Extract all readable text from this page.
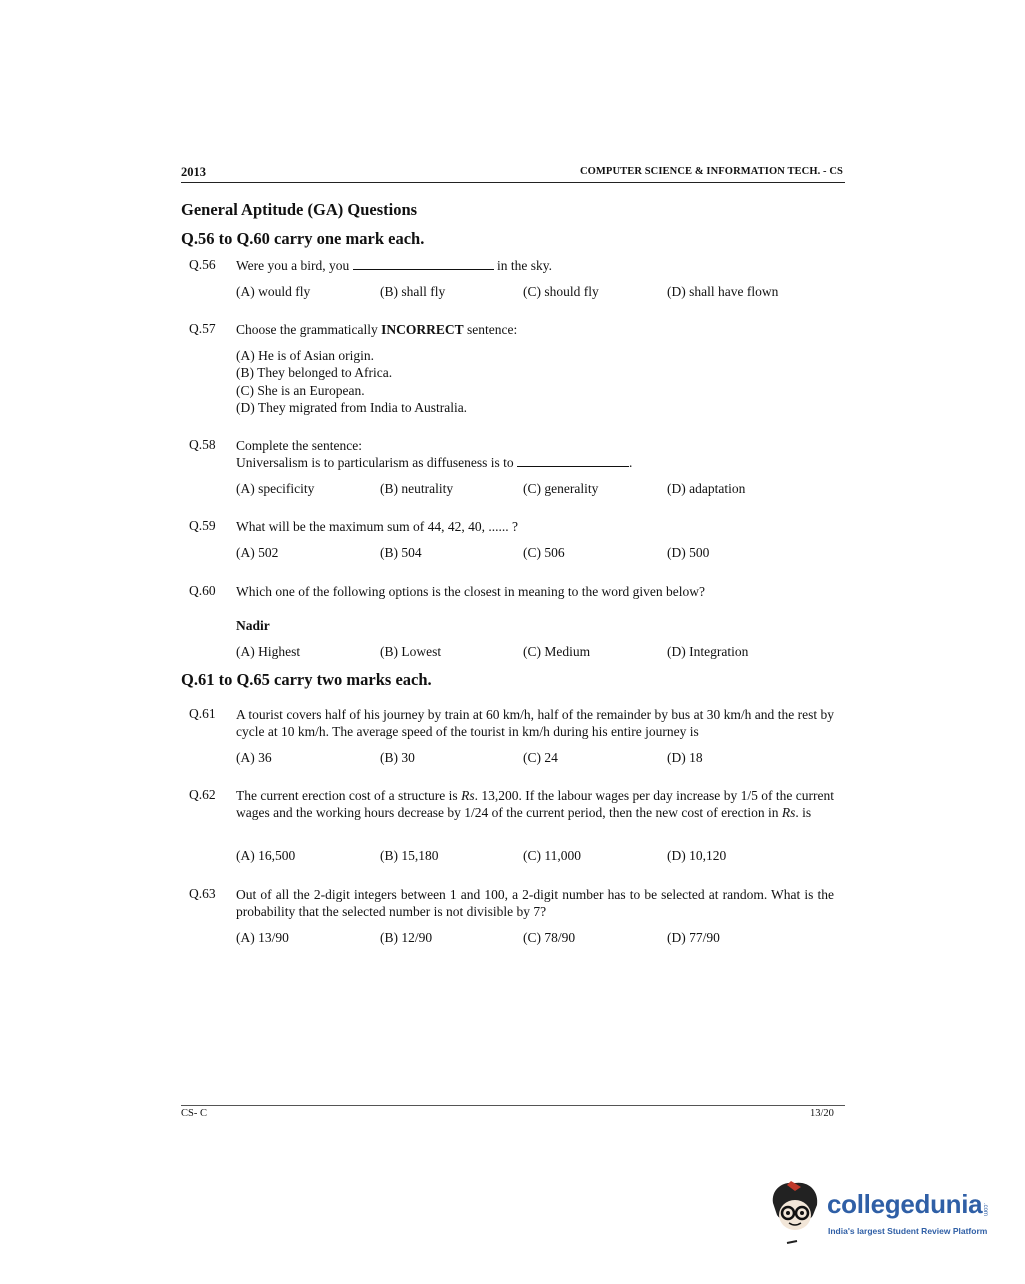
2013	COMPUTER SCIENCE & INFORMATION TECH. - CS
General Aptitude (GA) Questions
Q.56 to Q.60 carry one mark each.
Q.56 Were you a bird, you	in the sky.
(A) would fly	(B) shall fly	(C) should fly	(D) shall have flown
Q.57 Choose the grammatically INCORRECT sentence:
(A) He is of Asian origin.
(B) They belonged to Africa.
(C) She is an European.
(D) They migrated from India to Australia.
Q.58 Complete the sentence:
Universalism is to particularism as diffuseness is to	.
(A) specificity	(B) neutrality	(C) generality	(D) adaptation
Q.59 What will be the maximum sum of 44, 42, 40, ...... ?
(A) 502	(B) 504	(C) 506	(D) 500
Q.60 Which one of the following options is the closest in meaning to the word given below?
Nadir
(A) Highest	(B) Lowest	(C) Medium	(D) Integration
Q.61 to Q.65 carry two marks each.
Q.61 A tourist covers half of his journey by train at 60 km/h, half of the remainder by bus at 30 km/h and the rest by cycle at 10 km/h. The average speed of the tourist in km/h during his entire journey is
(A) 36	(B) 30	(C) 24	(D) 18
Q.62 The current erection cost of a structure is Rs. 13,200. If the labour wages per day increase by 1/5 of the current wages and the working hours decrease by 1/24 of the current period, then the new cost of erection in Rs. is
(A) 16,500	(B) 15,180	(C) 11,000	(D) 10,120
Q.63 Out of all the 2-digit integers between 1 and 100, a 2-digit number has to be selected at random. What is the probability that the selected number is not divisible by 7?
(A) 13/90	(B) 12/90	(C) 78/90	(D) 77/90
CS- C	13/20
collegedunia .com
India's largest Student Review Platform
